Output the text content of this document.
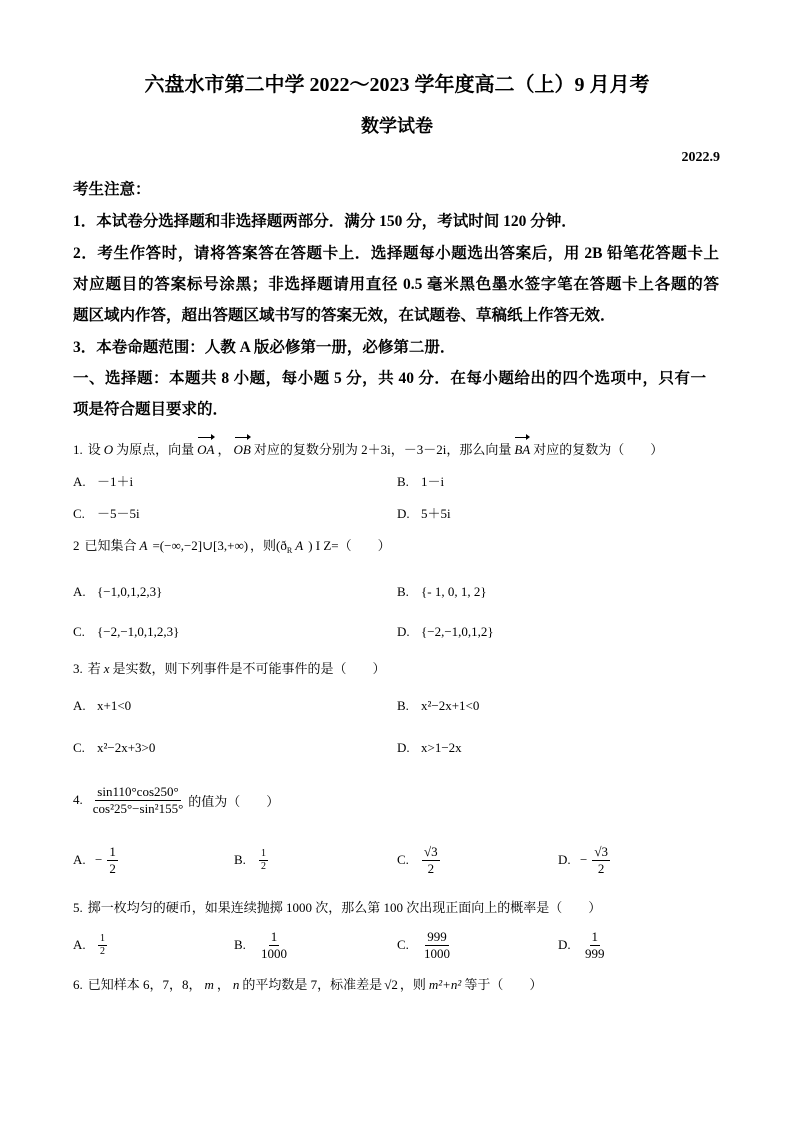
六盘水市第二中学 2022～2023 学年度高二（上）9 月月考
数学试卷
2022.9
考生注意：
1．本试卷分选择题和非选择题两部分．满分 150 分，考试时间 120 分钟．
2．考生作答时，请将答案答在答题卡上．选择题每小题选出答案后，用 2B 铅笔花答题卡上
对应题目的答案标号涂黑；非选择题请用直径 0.5 毫米黑色墨水签字笔在答题卡上各题的答
题区域内作答，超出答题区域书写的答案无效，在试题卷、草稿纸上作答无效．
3．本卷命题范围：人教 A 版必修第一册，必修第二册．
一、选择题：本题共 8 小题，每小题 5 分，共 40 分．在每小题给出的四个选项中，只有一
项是符合题目要求的．
1. 设 O 为原点，向量 OA ， OB 对应的复数分别为 2＋3i，－3－2i，那么向量 BA 对应的复数为（　　）
A. －1＋i	B. 1－i
C. －5－5i	D. 5＋5i
2 已知集合 A =(−∞,−2]∪[3,+∞) ，则($ð_R$ A ) I Z=（　　）
A. {−1,0,1,2,3}	B. {- 1, 0, 1, 2}
C. {−2,−1,0,1,2,3}	D. {−2,−1,0,1,2}
3. 若 x 是实数，则下列事件是不可能事件的是（　　）
A. x+1<0	B. x²−2x+1<0
C. x²−2x+3>0	D. x>1−2x
4. $\frac{\sin 110^\circ\cos 250^\circ}{\text{cos²25°−sin²155°}}$ 的值为（　　）
A. − $\frac{1}{2}$	B.	$\frac{1}{2}$	C.	$\frac{√3}{2}$	D. − $\frac{√3}{2}$
5. 掷一枚均匀的硬币，如果连续抛掷 1000 次，那么第 100 次出现正面向上的概率是（　　）
A.	$\frac{1}{2}$	B.	$\frac{1}{1000}$	C.	$\frac{999}{1000}$	D. $\frac{1}{999}$
6. 已知样本 6，7，8， m ， n 的平均数是 7，标准差是 √2 ，则 m²+n² 等于（　　）
